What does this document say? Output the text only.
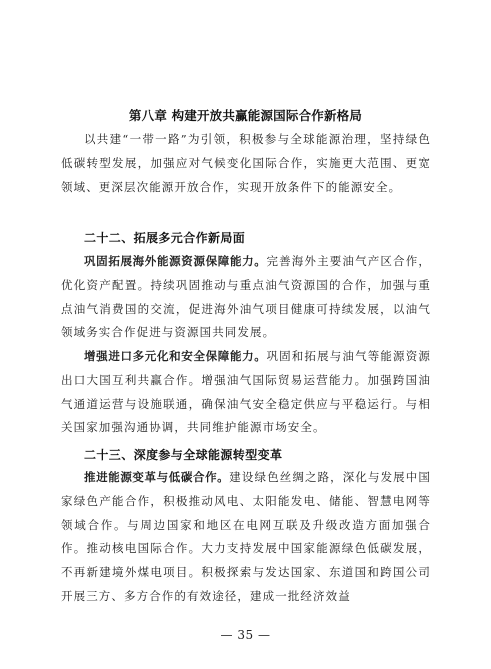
第八章 构建开放共赢能源国际合作新格局

以共建“一带一路”为引领，积极参与全球能源治理，坚持绿色低碳转型发展，加强应对气候变化国际合作，实施更大范围、更宽领域、更深层次能源开放合作，实现开放条件下的能源安全。

二十二、拓展多元合作新局面

巩固拓展海外能源资源保障能力。完善海外主要油气产区合作，优化资产配置。持续巩固推动与重点油气资源国的合作，加强与重点油气消费国的交流，促进海外油气项目健康可持续发展，以油气领域务实合作促进与资源国共同发展。

增强进口多元化和安全保障能力。巩固和拓展与油气等能源资源出口大国互利共赢合作。增强油气国际贸易运营能力。加强跨国油气通道运营与设施联通，确保油气安全稳定供应与平稳运行。与相关国家加强沟通协调，共同维护能源市场安全。

二十三、深度参与全球能源转型变革

推进能源变革与低碳合作。建设绿色丝绸之路，深化与发展中国家绿色产能合作，积极推动风电、太阳能发电、储能、智慧电网等领域合作。与周边国家和地区在电网互联及升级改造方面加强合作。推动核电国际合作。大力支持发展中国家能源绿色低碳发展，不再新建境外煤电项目。积极探索与发达国家、东道国和跨国公司开展三方、多方合作的有效途径，建成一批经济效益

— 35 —
